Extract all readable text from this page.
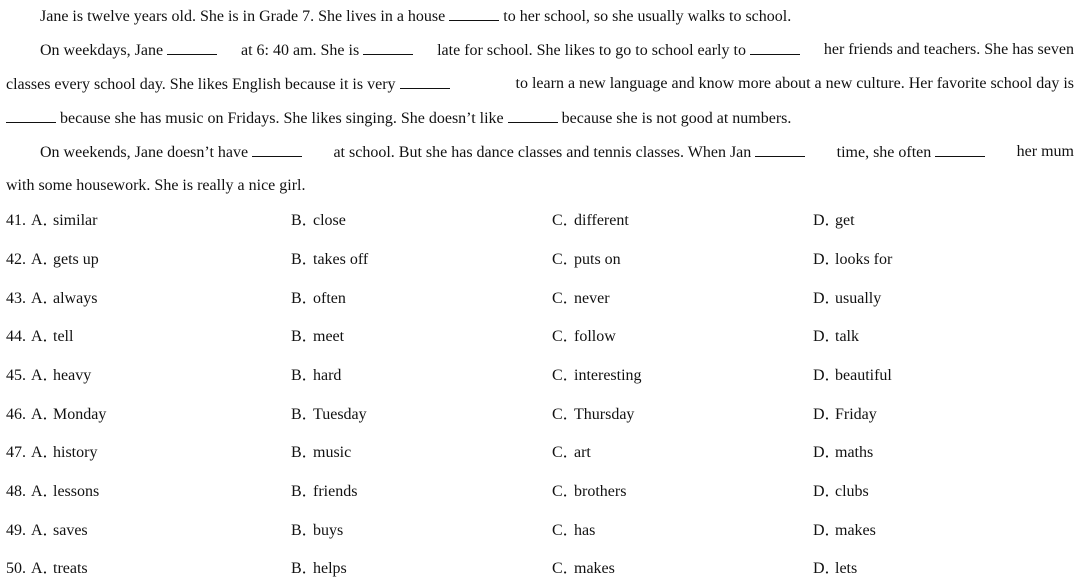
Jane is twelve years old. She is in Grade 7. She lives in a house	to her school, so she usually walks to school.
On weekdays, Jane	at 6: 40 am. She is	late for school. She likes to go to school early to	her friends and teachers. She has seven
classes every school day. She likes English because it is very	to learn a new language and know more about a new culture. Her favorite school day is
because she has music on Fridays. She likes singing. She doesn’t like	because she is not good at numbers.
On weekends, Jane doesn’t have	at school. But she has dance classes and tennis classes. When Jan	time, she often	her mum
with some housework. She is really a nice girl.
41. A．similar	B．close	C．different	D．get
42. A．gets up	B．takes off	C．puts on	D．looks for
43. A．always	B．often	C．never	D．usually
44. A．tell	B．meet	C．follow	D．talk
45. A．heavy	B．hard	C．interesting	D．beautiful
46. A．Monday	B．Tuesday	C．Thursday	D．Friday
47. A．history	B．music	C．art	D．maths
48. A．lessons	B．friends	C．brothers	D．clubs
49. A．saves	B．buys	C．has	D．makes
50. A．treats	B．helps	C．makes	D．lets
